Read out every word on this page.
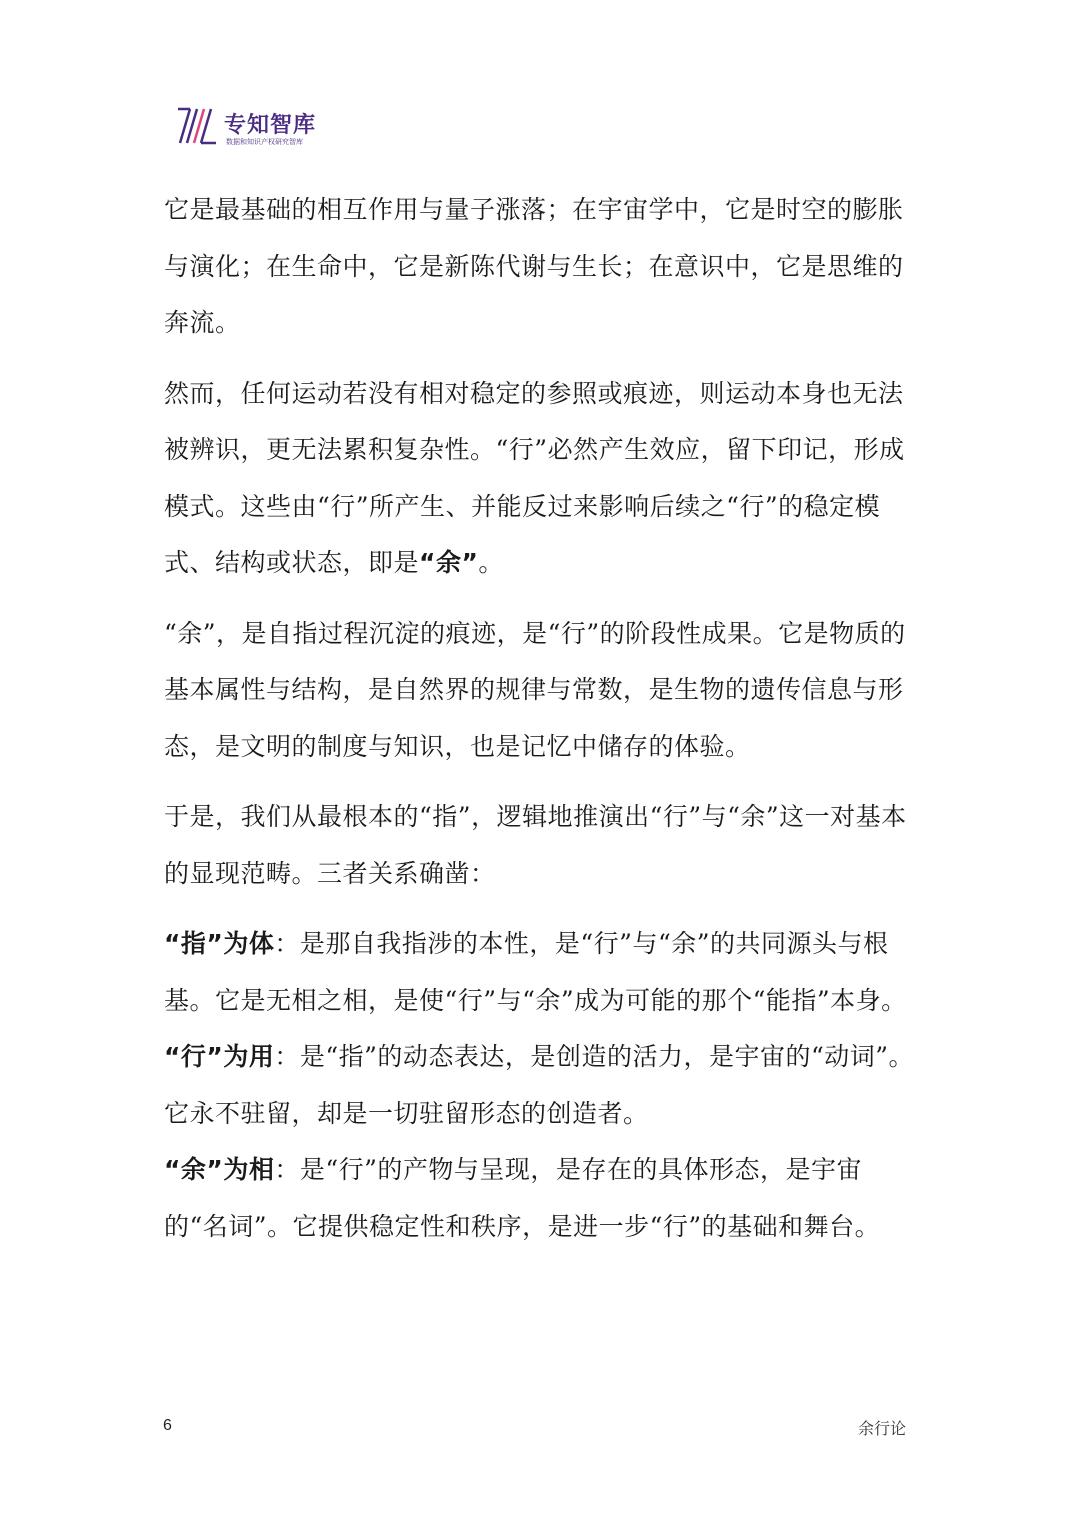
专知智库
数据和知识产权研究智库

它是最基础的相互作用与量子涨落；在宇宙学中，它是时空的膨胀与演化；在生命中，它是新陈代谢与生长；在意识中，它是思维的奔流。

然而，任何运动若没有相对稳定的参照或痕迹，则运动本身也无法被辨识，更无法累积复杂性。“行”必然产生效应，留下印记，形成模式。这些由“行”所产生、并能反过来影响后续之“行”的稳定模式、结构或状态，即是“余”。

“余”，是自指过程沉淀的痕迹，是“行”的阶段性成果。它是物质的基本属性与结构，是自然界的规律与常数，是生物的遗传信息与形态，是文明的制度与知识，也是记忆中储存的体验。

于是，我们从最根本的“指”，逻辑地推演出“行”与“余”这一对基本的显现范畴。三者关系确凿：

“指”为体：是那自我指涉的本性，是“行”与“余”的共同源头与根基。它是无相之相，是使“行”与“余”成为可能的那个“能指”本身。

“行”为用：是“指”的动态表达，是创造的活力，是宇宙的“动词”。它永不驻留，却是一切驻留形态的创造者。

“余”为相：是“行”的产物与呈现，是存在的具体形态，是宇宙的“名词”。它提供稳定性和秩序，是进一步“行”的基础和舞台。

6	余行论
